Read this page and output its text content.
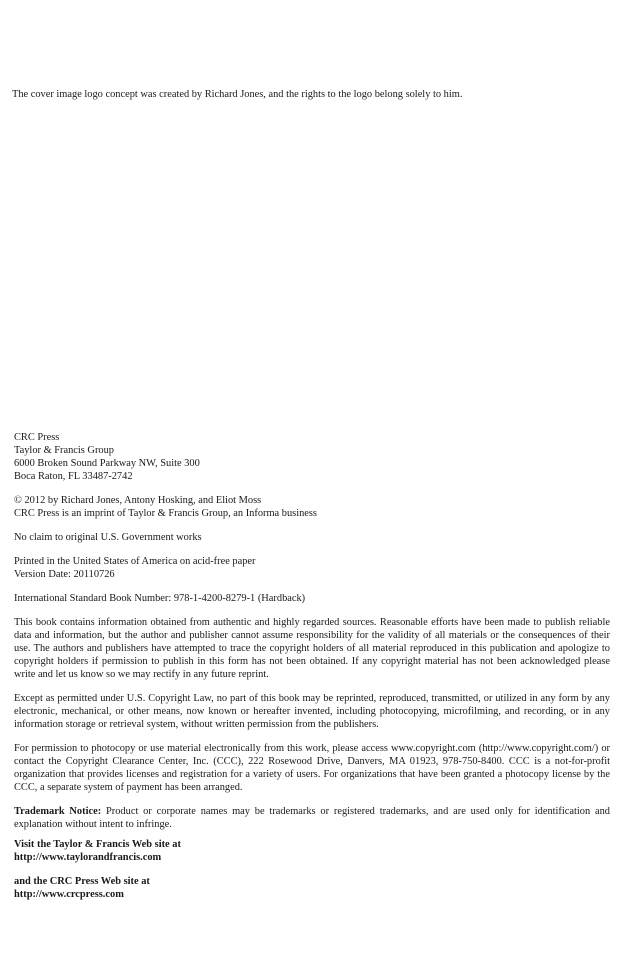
The cover image logo concept was created by Richard Jones, and the rights to the logo belong solely to him.
CRC Press
Taylor & Francis Group
6000 Broken Sound Parkway NW, Suite 300
Boca Raton, FL 33487-2742
© 2012 by Richard Jones, Antony Hosking, and Eliot Moss
CRC Press is an imprint of Taylor & Francis Group, an Informa business
No claim to original U.S. Government works
Printed in the United States of America on acid-free paper
Version Date: 20110726
International Standard Book Number: 978-1-4200-8279-1 (Hardback)

This book contains information obtained from authentic and highly regarded sources. Reasonable efforts have been made to publish reliable data and information, but the author and publisher cannot assume responsibility for the validity of all materials or the consequences of their use. The authors and publishers have attempted to trace the copyright holders of all material reproduced in this publication and apologize to copyright holders if permission to publish in this form has not been obtained. If any copyright material has not been acknowledged please write and let us know so we may rectify in any future reprint.

Except as permitted under U.S. Copyright Law, no part of this book may be reprinted, reproduced, transmitted, or utilized in any form by any electronic, mechanical, or other means, now known or hereafter invented, including photocopying, microfilming, and recording, or in any information storage or retrieval system, without written permission from the publishers.

For permission to photocopy or use material electronically from this work, please access www.copyright.com (http://www.copyright.com/) or contact the Copyright Clearance Center, Inc. (CCC), 222 Rosewood Drive, Danvers, MA 01923, 978-750-8400. CCC is a not-for-profit organization that provides licenses and registration for a variety of users. For organizations that have been granted a photocopy license by the CCC, a separate system of payment has been arranged.

Trademark Notice: Product or corporate names may be trademarks or registered trademarks, and are used only for identification and explanation without intent to infringe.

Visit the Taylor & Francis Web site at
http://www.taylorandfrancis.com
and the CRC Press Web site at
http://www.crcpress.com
